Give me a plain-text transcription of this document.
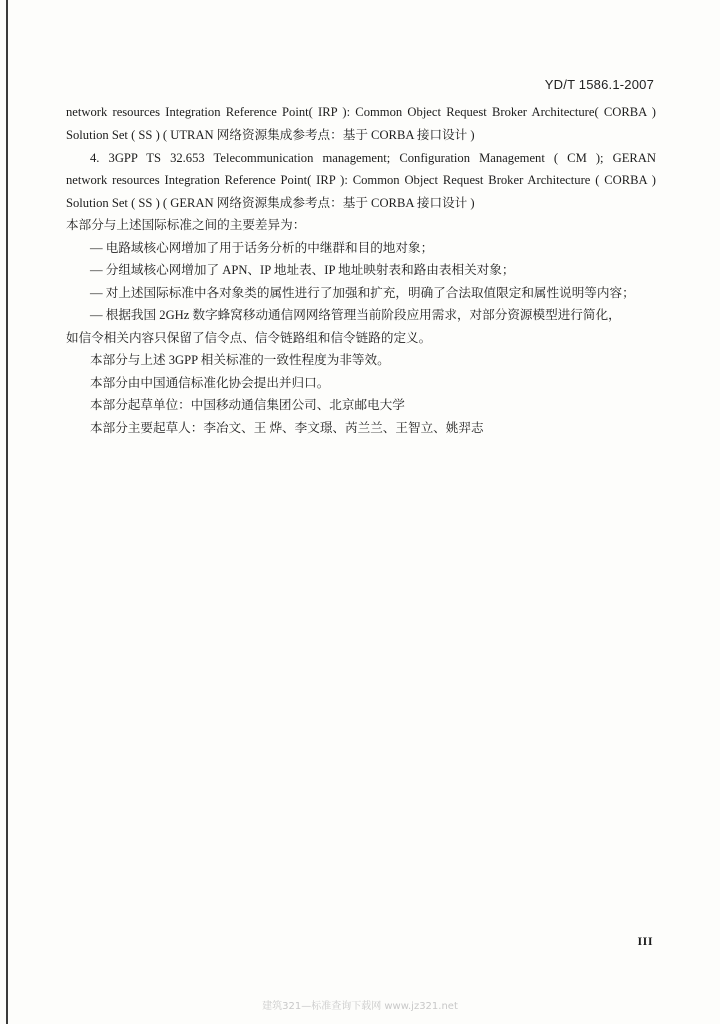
YD/T 1586.1-2007
network resources Integration Reference Point( IRP ): Common Object Request Broker Architecture( CORBA )
Solution Set ( SS ) ( UTRAN 网络资源集成参考点：基于 CORBA 接口设计 )
4. 3GPP TS 32.653 Telecommunication management; Configuration Management ( CM ); GERAN
network resources Integration Reference Point( IRP ): Common Object Request Broker Architecture ( CORBA )
Solution Set ( SS ) ( GERAN 网络资源集成参考点：基于 CORBA 接口设计 )
本部分与上述国际标准之间的主要差异为：
— 电路域核心网增加了用于话务分析的中继群和目的地对象；
— 分组域核心网增加了 APN、IP 地址表、IP 地址映射表和路由表相关对象；
— 对上述国际标准中各对象类的属性进行了加强和扩充，明确了合法取值限定和属性说明等内容；
— 根据我国 2GHz 数字蜂窝移动通信网网络管理当前阶段应用需求，对部分资源模型进行简化，
如信令相关内容只保留了信令点、信令链路组和信令链路的定义。
本部分与上述 3GPP 相关标准的一致性程度为非等效。
本部分由中国通信标准化协会提出并归口。
本部分起草单位：中国移动通信集团公司、北京邮电大学
本部分主要起草人：李冶文、王 烨、李文璟、芮兰兰、王智立、姚羿志
III
建筑321—标准查询下载网 www.jz321.net
